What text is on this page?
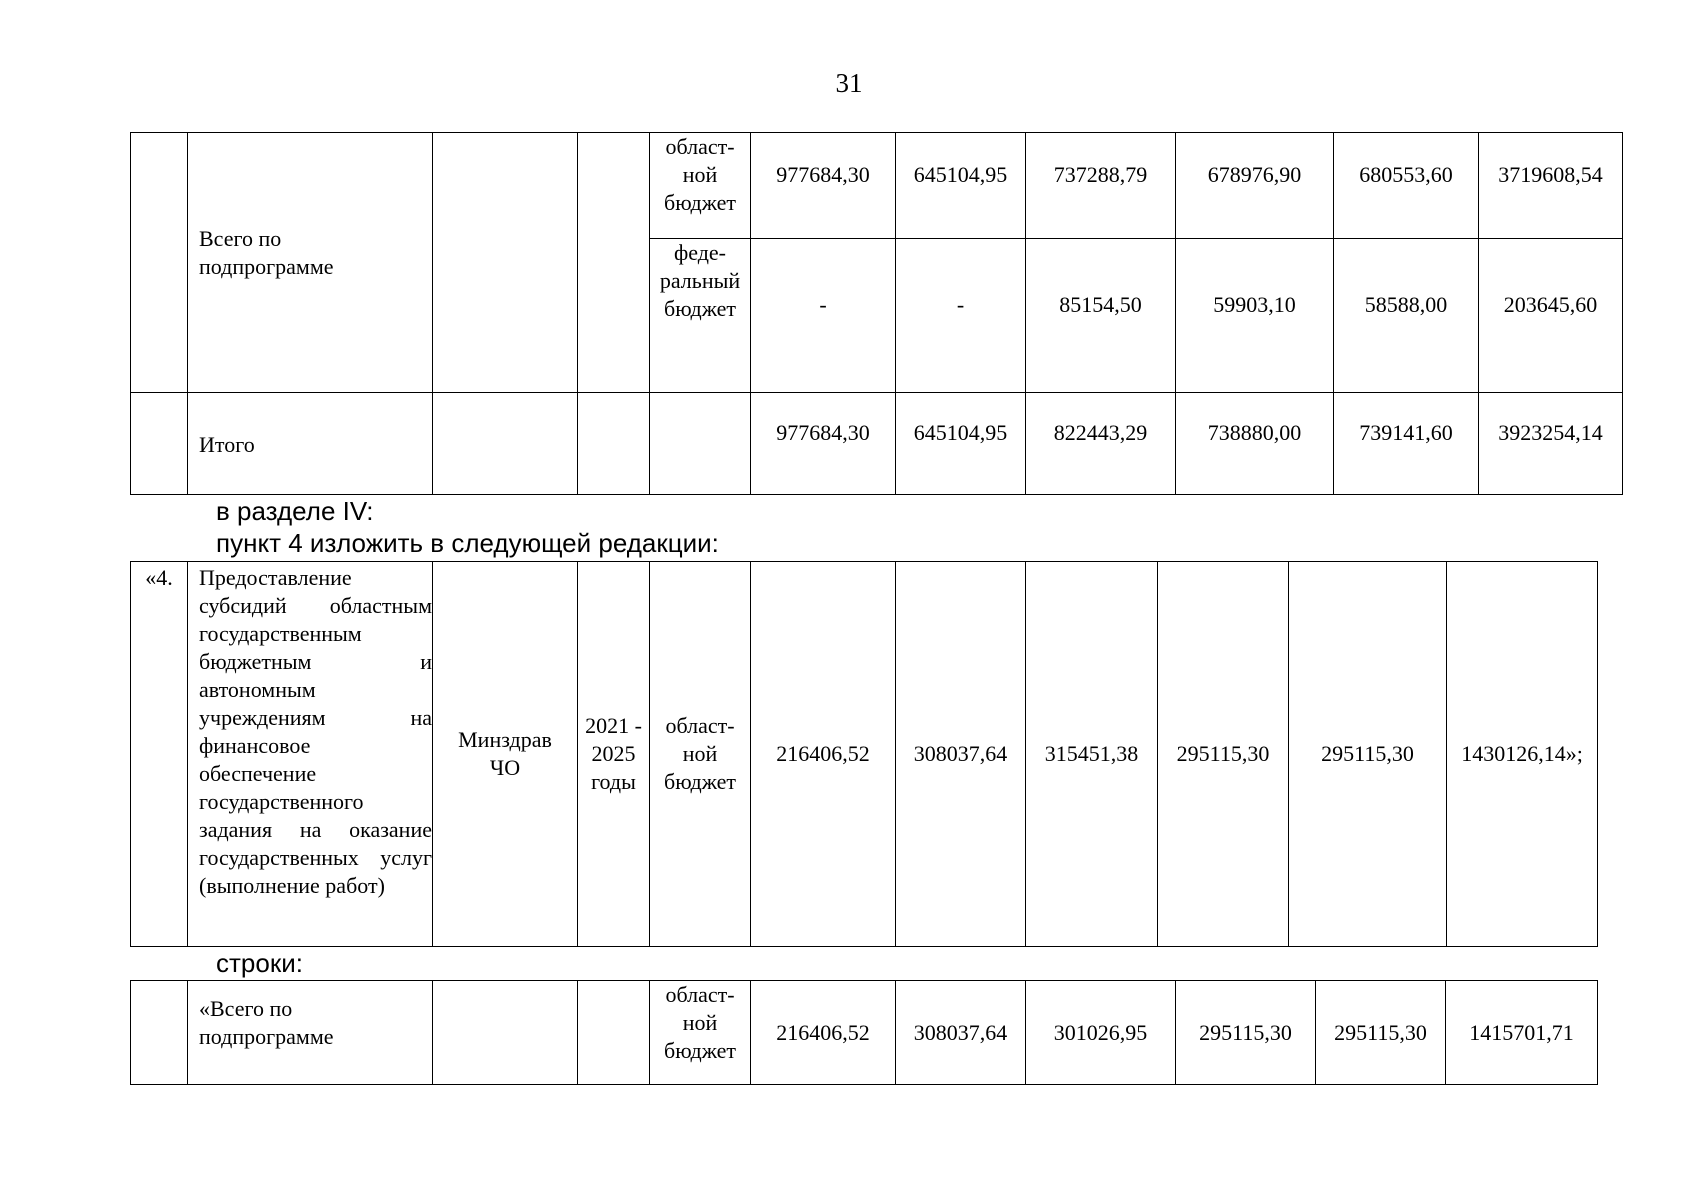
31

	Всего по подпрограмме			област-
ной
бюджет	977684,30	645104,95	737288,79	678976,90	680553,60	3719608,54
				феде-
ральный
бюджет	-	-	85154,50	59903,10	58588,00	203645,60
	Итого				977684,30	645104,95	822443,29	738880,00	739141,60	3923254,14
в разделе IV:
пункт 4 изложить в следующей редакции:
«4.	Предоставление субсидий областным государственным бюджетным и автономным учреждениям на финансовое обеспечение государственного задания на оказание государственных услуг (выполнение работ)
	Минздрав
ЧО	2021 -
2025
годы	област-
ной
бюджет	216406,52	308037,64	315451,38	295115,30	295115,30	1430126,14»;
строки:
	«Всего по
подпрограмме			област-
ной
бюджет	216406,52	308037,64	301026,95	295115,30	295115,30	1415701,71
